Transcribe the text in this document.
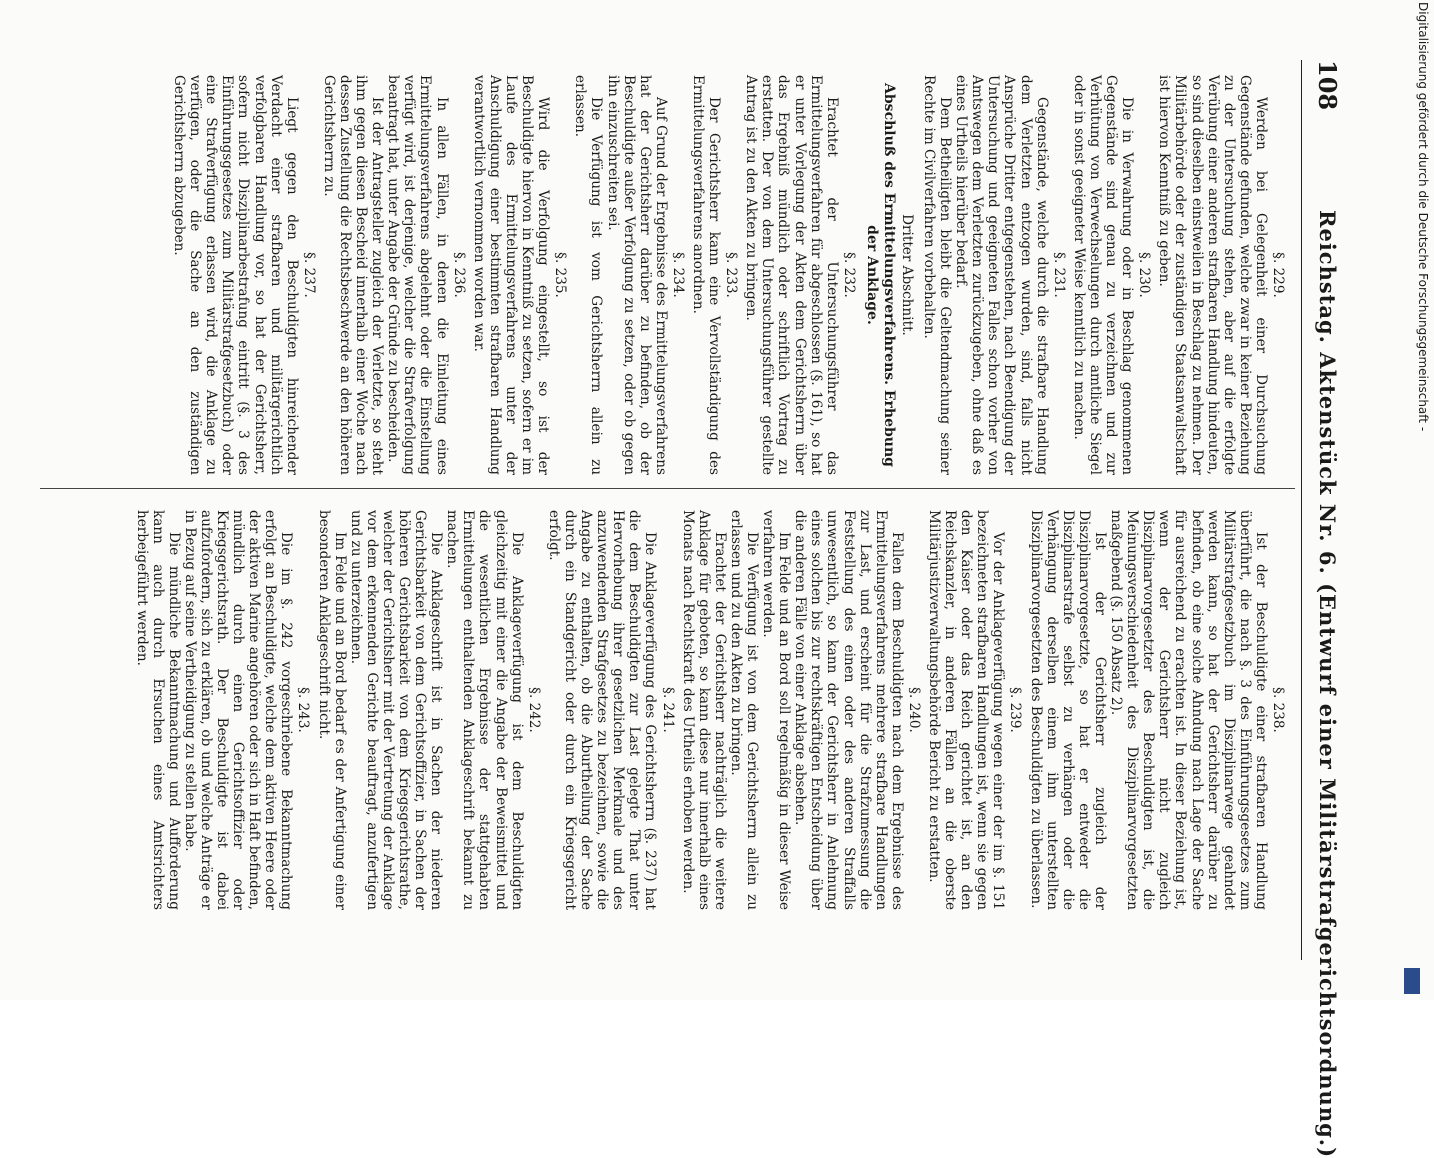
108
Reichstag. Aktenstück Nr. 6. (Entwurf einer Militärstrafgerichtsordnung.)
§. 229.

Werden bei Gelegenheit einer Durchsuchung Gegenstände gefunden, welche zwar in keiner Beziehung zu der Untersuchung stehen, aber auf die erfolgte Verübung einer anderen strafbaren Handlung hindeuten, so sind dieselben einstweilen in Beschlag zu nehmen. Der Militärbehörde oder der zuständigen Staatsanwaltschaft ist hiervon Kenntniß zu geben.

§. 230.

Die in Verwahrung oder in Beschlag genommenen Gegenstände sind genau zu verzeichnen und zur Verhütung von Verwechselungen durch amtliche Siegel oder in sonst geeigneter Weise kenntlich zu machen.

§. 231.

Gegenstände, welche durch die strafbare Handlung dem Verletzten entzogen wurden, sind, falls nicht Ansprüche Dritter entgegenstehen, nach Beendigung der Untersuchung und geeigneten Falles schon vorher von Amtswegen dem Verletzten zurückzugeben, ohne daß es eines Urtheils hierüber bedarf.

Dem Betheiligten bleibt die Geltendmachung seiner Rechte im Civilverfahren vorbehalten.

Dritter Abschnitt.
Abschluß des Ermittelungsverfahrens. Erhebung der Anklage.
§. 232.

Erachtet der Untersuchungsführer das Ermittelungsverfahren für abgeschlossen (§. 161), so hat er unter Vorlegung der Akten dem Gerichtsherrn über das Ergebniß mündlich oder schriftlich Vortrag zu erstatten. Der von dem Untersuchungsführer gestellte Antrag ist zu den Akten zu bringen.

§. 233.

Der Gerichtsherr kann eine Vervollständigung des Ermittelungsverfahrens anordnen.

§. 234.

Auf Grund der Ergebnisse des Ermittelungsverfahrens hat der Gerichtsherr darüber zu befinden, ob der Beschuldigte außer Verfolgung zu setzen, oder ob gegen ihn einzuschreiten sei.

Die Verfügung ist vom Gerichtsherrn allein zu erlassen.

§. 235.

Wird die Verfolgung eingestellt, so ist der Beschuldigte hiervon in Kenntniß zu setzen, sofern er im Laufe des Ermittelungsverfahrens unter der Anschuldigung einer bestimmten strafbaren Handlung verantwortlich vernommen worden war.

§. 236.

In allen Fällen, in denen die Einleitung eines Ermittelungsverfahrens abgelehnt oder die Einstellung verfügt wird, ist derjenige, welcher die Strafverfolgung beantragt hat, unter Angabe der Gründe zu bescheiden.

Ist der Antragsteller zugleich der Verletzte, so steht ihm gegen diesen Bescheid innerhalb einer Woche nach dessen Zustellung die Rechtsbeschwerde an den höheren Gerichtsherrn zu.

§. 237.

Liegt gegen den Beschuldigten hinreichender Verdacht einer strafbaren und militärgerichtlich verfolgbaren Handlung vor, so hat der Gerichtsherr, sofern nicht Disziplinarbestrafung eintritt (§. 3 des Einführungsgesetzes zum Militärstrafgesetzbuch) oder eine Strafverfügung erlassen wird, die Anklage zu verfügen, oder die Sache an den zuständigen Gerichtsherrn abzugeben.

§. 238.

Ist der Beschuldigte einer strafbaren Handlung überführt, die nach §. 3 des Einführungsgesetzes zum Militärstrafgesetzbuch im Disziplinarwege geahndet werden kann, so hat der Gerichtsherr darüber zu befinden, ob eine solche Ahndung nach Lage der Sache für ausreichend zu erachten ist. In dieser Beziehung ist, wenn der Gerichtsherr nicht zugleich Disziplinarvorgesetzter des Beschuldigten ist, die Meinungsverschiedenheit des Disziplinarvorgesetzten maßgebend (§. 150 Absatz 2).

Ist der Gerichtsherr zugleich der Disziplinarvorgesetzte, so hat er entweder die Disziplinarstrafe selbst zu verhängen oder die Verhängung derselben einem ihm unterstellten Disziplinarvorgesetzten des Beschuldigten zu überlassen.

§. 239.

Vor der Anklageverfügung wegen einer der im §. 151 bezeichneten strafbaren Handlungen ist, wenn sie gegen den Kaiser oder das Reich gerichtet ist, an den Reichskanzler, in anderen Fällen an die oberste Militärjustizverwaltungsbehörde Bericht zu erstatten.

§. 240.

Fallen dem Beschuldigten nach dem Ergebnisse des Ermittelungsverfahrens mehrere strafbare Handlungen zur Last, und erscheint für die Strafzumessung die Feststellung des einen oder des anderen Straffalls unwesentlich, so kann der Gerichtsherr in Anlehnung eines solchen bis zur rechtskräftigen Entscheidung über die anderen Fälle von einer Anklage absehen.

Im Felde und an Bord soll regelmäßig in dieser Weise verfahren werden.

Die Verfügung ist von dem Gerichtsherrn allein zu erlassen und zu den Akten zu bringen.

Erachtet der Gerichtsherr nachträglich die weitere Anklage für geboten, so kann diese nur innerhalb eines Monats nach Rechtskraft des Urtheils erhoben werden.

§. 241.

Die Anklageverfügung des Gerichtsherrn (§. 237) hat die dem Beschuldigten zur Last gelegte That unter Hervorhebung ihrer gesetzlichen Merkmale und des anzuwendenden Strafgesetzes zu bezeichnen, sowie die Angabe zu enthalten, ob die Aburtheilung der Sache durch ein Standgericht oder durch ein Kriegsgericht erfolgt.

§. 242.

Die Anklageverfügung ist dem Beschuldigten gleichzeitig mit einer die Angabe der Beweismittel und die wesentlichen Ergebnisse der stattgehabten Ermittelungen enthaltenden Anklageschrift bekannt zu machen.

Die Anklageschrift ist in Sachen der niederen Gerichtsbarkeit von dem Gerichtsoffizier, in Sachen der höheren Gerichtsbarkeit von dem Kriegsgerichtsrathe, welcher der Gerichtsherr mit der Vertretung der Anklage vor dem erkennenden Gerichte beauftragt, anzufertigen und zu unterzeichnen.

Im Felde und an Bord bedarf es der Anfertigung einer besonderen Anklageschrift nicht.

§. 243.

Die im §. 242 vorgeschriebene Bekanntmachung erfolgt an Beschuldigte, welche dem aktiven Heere oder der aktiven Marine angehören oder sich in Haft befinden, mündlich durch einen Gerichtsoffizier oder Kriegsgerichtsrath. Der Beschuldigte ist dabei aufzufordern, sich zu erklären, ob und welche Anträge er in Bezug auf seine Vertheidigung zu stellen habe.

Die mündliche Bekanntmachung und Aufforderung kann auch durch Ersuchen eines Amtsrichters herbeigeführt werden.

Digitalisierung gefördert durch die Deutsche Forschungsgemeinschaft -
